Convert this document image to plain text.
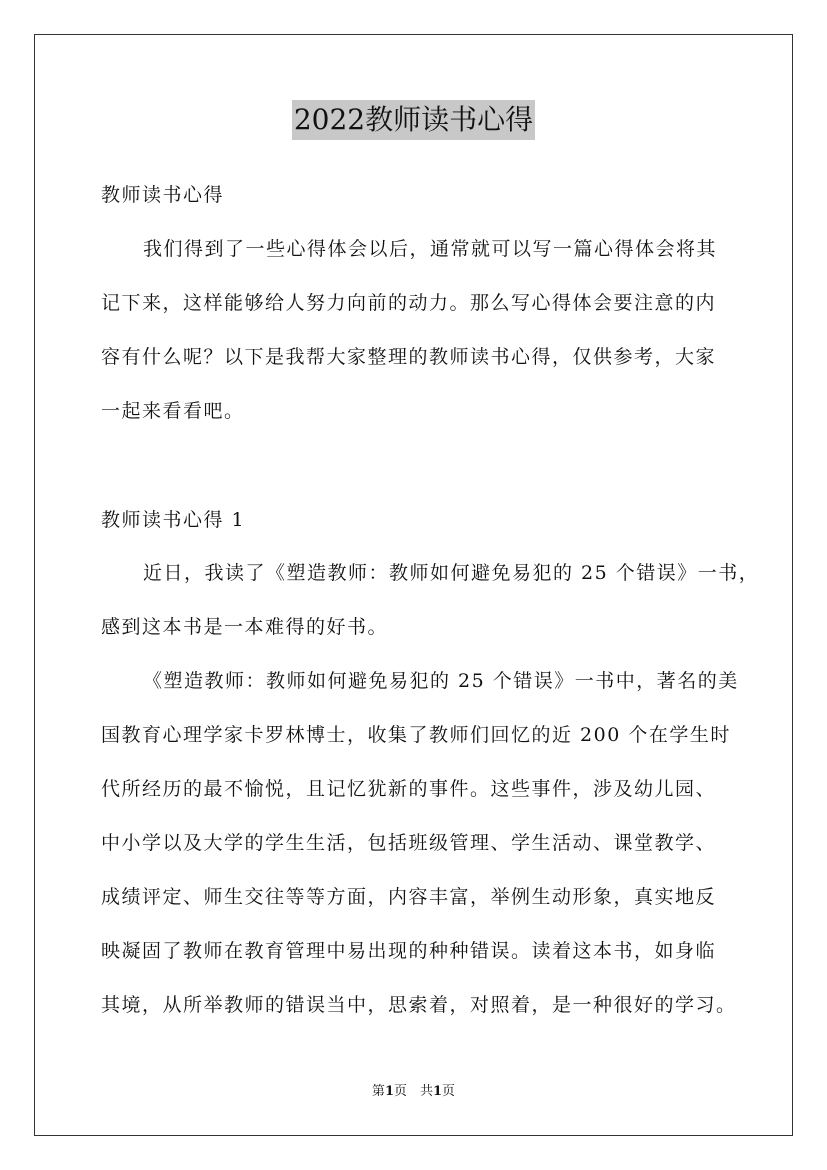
2022教师读书心得
教师读书心得
我们得到了一些心得体会以后，通常就可以写一篇心得体会将其
记下来，这样能够给人努力向前的动力。那么写心得体会要注意的内
容有什么呢？以下是我帮大家整理的教师读书心得，仅供参考，大家
一起来看看吧。
教师读书心得 1
近日，我读了《塑造教师：教师如何避免易犯的 25 个错误》一书，
感到这本书是一本难得的好书。
《塑造教师：教师如何避免易犯的 25 个错误》一书中，著名的美
国教育心理学家卡罗林博士，收集了教师们回忆的近 200 个在学生时
代所经历的最不愉悦，且记忆犹新的事件。这些事件，涉及幼儿园、
中小学以及大学的学生生活，包括班级管理、学生活动、课堂教学、
成绩评定、师生交往等等方面，内容丰富，举例生动形象，真实地反
映凝固了教师在教育管理中易出现的种种错误。读着这本书，如身临
其境，从所举教师的错误当中，思索着，对照着，是一种很好的学习。
第1页　共1页
